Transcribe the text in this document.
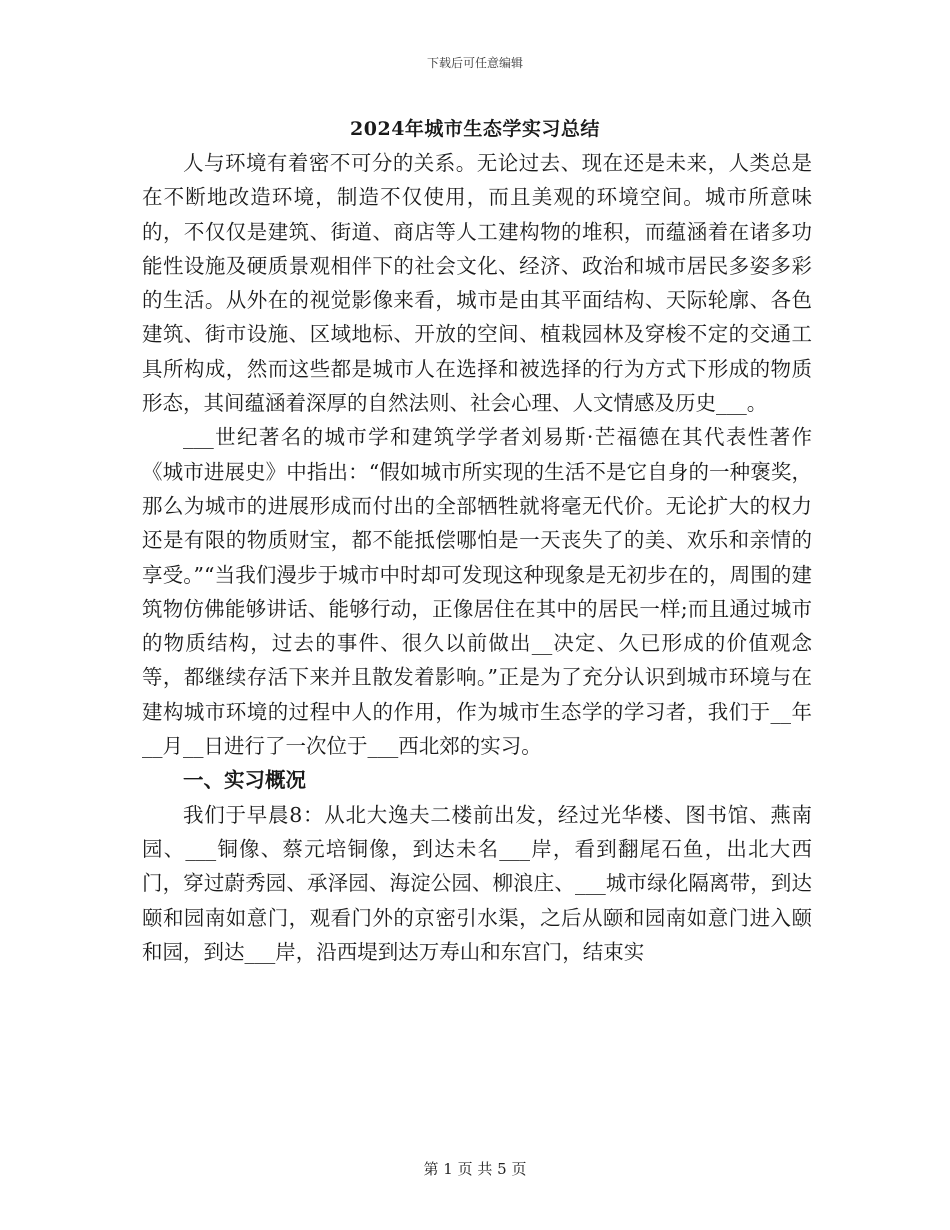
下载后可任意编辑
2024年城市生态学实习总结

人与环境有着密不可分的关系。无论过去、现在还是未来，人类总是在不断地改造环境，制造不仅使用，而且美观的环境空间。城市所意味的，不仅仅是建筑、街道、商店等人工建构物的堆积，而蕴涵着在诸多功能性设施及硬质景观相伴下的社会文化、经济、政治和城市居民多姿多彩的生活。从外在的视觉影像来看，城市是由其平面结构、天际轮廓、各色建筑、街市设施、区域地标、开放的空间、植栽园林及穿梭不定的交通工具所构成，然而这些都是城市人在选择和被选择的行为方式下形成的物质形态，其间蕴涵着深厚的自然法则、社会心理、人文情感及历史___。

___世纪著名的城市学和建筑学学者刘易斯·芒福德在其代表性著作《城市进展史》中指出：“假如城市所实现的生活不是它自身的一种褒奖，那么为城市的进展形成而付出的全部牺牲就将毫无代价。无论扩大的权力还是有限的物质财宝，都不能抵偿哪怕是一天丧失了的美、欢乐和亲情的享受。”“当我们漫步于城市中时却可发现这种现象是无初步在的，周围的建筑物仿佛能够讲话、能够行动，正像居住在其中的居民一样;而且通过城市的物质结构，过去的事件、很久以前做出__决定、久已形成的价值观念等，都继续存活下来并且散发着影响。”正是为了充分认识到城市环境与在建构城市环境的过程中人的作用，作为城市生态学的学习者，我们于__年__月__日进行了一次位于___西北郊的实习。

一、实习概况

我们于早晨8：从北大逸夫二楼前出发，经过光华楼、图书馆、燕南园、___铜像、蔡元培铜像，到达未名___岸，看到翻尾石鱼，出北大西门，穿过蔚秀园、承泽园、海淀公园、柳浪庄、___城市绿化隔离带，到达颐和园南如意门，观看门外的京密引水渠，之后从颐和园南如意门进入颐和园，到达___岸，沿西堤到达万寿山和东宫门，结束实

第 1 页 共 5 页
